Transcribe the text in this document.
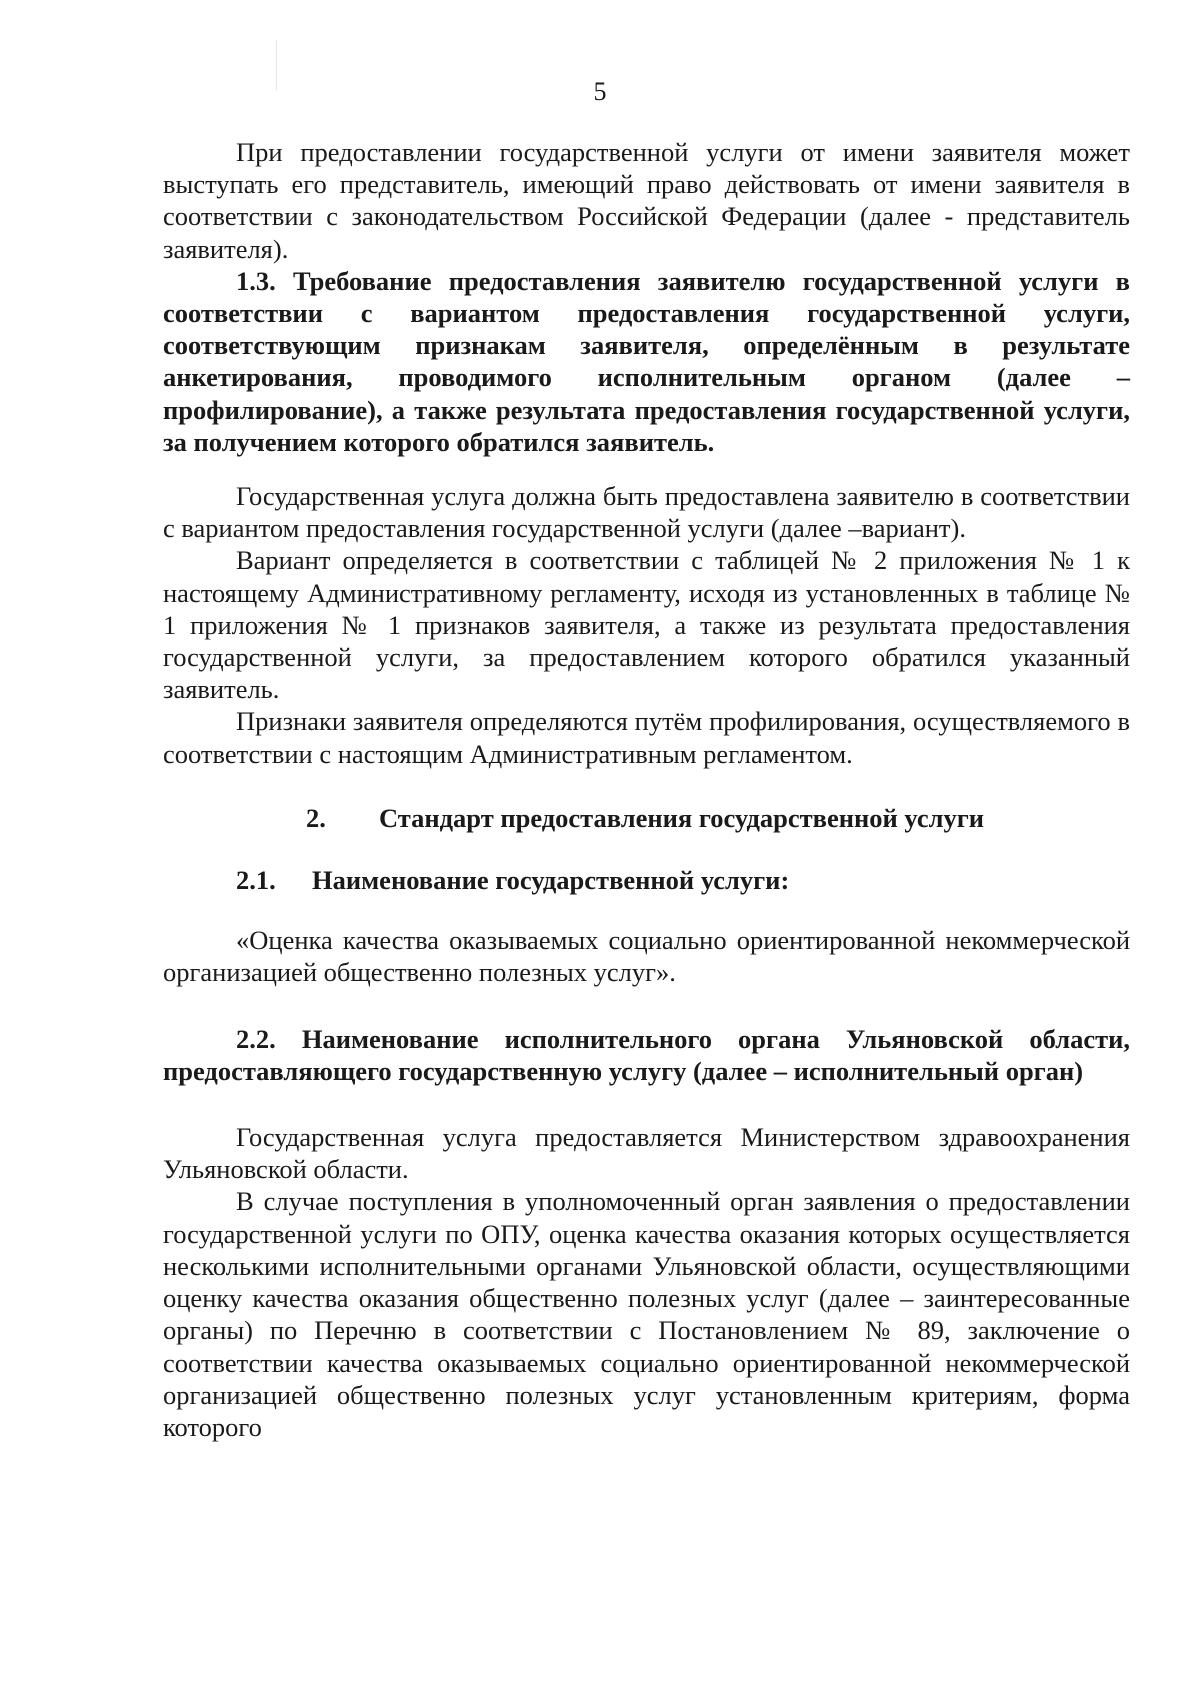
5

При предоставлении государственной услуги от имени заявителя может выступать его представитель, имеющий право действовать от имени заявителя в соответствии с законодательством Российской Федерации (далее - представитель заявителя).

1.3. Требование предоставления заявителю государственной услуги в соответствии с вариантом предоставления государственной услуги, соответствующим признакам заявителя, определённым в результате анкетирования, проводимого исполнительным органом (далее – профилирование), а также результата предоставления государственной услуги, за получением которого обратился заявитель.

Государственная услуга должна быть предоставлена заявителю в соответствии с вариантом предоставления государственной услуги (далее –вариант).

Вариант определяется в соответствии с таблицей № 2 приложения № 1 к настоящему Административному регламенту, исходя из установленных в таблице № 1 приложения № 1 признаков заявителя, а также из результата предоставления государственной услуги, за предоставлением которого обратился указанный заявитель.

Признаки заявителя определяются путём профилирования, осуществляемого в соответствии с настоящим Административным регламентом.

2.	Стандарт предоставления государственной услуги
2.1.	Наименование государственной услуги:

«Оценка качества оказываемых социально ориентированной некоммерческой организацией общественно полезных услуг».

2.2. Наименование исполнительного органа Ульяновской области, предоставляющего государственную услугу (далее – исполнительный орган)

Государственная услуга предоставляется Министерством здравоохранения Ульяновской области.

В случае поступления в уполномоченный орган заявления о предоставлении государственной услуги по ОПУ, оценка качества оказания которых осуществляется несколькими исполнительными органами Ульяновской области, осуществляющими оценку качества оказания общественно полезных услуг (далее – заинтересованные органы) по Перечню в соответствии с Постановлением № 89, заключение о соответствии качества оказываемых социально ориентированной некоммерческой организацией общественно полезных услуг установленным критериям, форма которого
